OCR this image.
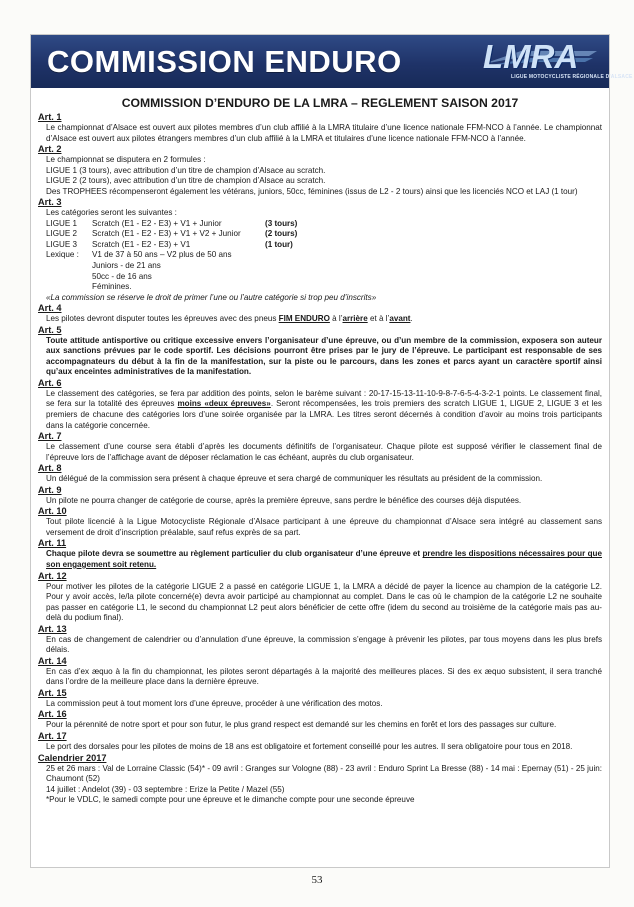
COMMISSION ENDURO LMRA
LIGUE MOTOCYCLISTE RÉGIONALE D'ALSACE
COMMISSION D’ENDURO DE LA LMRA – REGLEMENT SAISON 2017
Art. 1
Le championnat d’Alsace est ouvert aux pilotes membres d’un club affilié à la LMRA titulaire d’une licence nationale FFM-NCO à l’année. Le championnat d’Alsace est ouvert aux pilotes étrangers membres d’un club affilié à la LMRA et titulaires d’une licence nationale FFM-NCO à l’année.
Art. 2
Le championnat se disputera en 2 formules :
LIGUE 1 (3 tours), avec attribution d’un titre de champion d’Alsace au scratch.
LIGUE 2 (2 tours), avec attribution d’un titre de champion d’Alsace au scratch.
Des TROPHEES récompenseront également les vétérans, juniors, 50cc, féminines (issus de L2 - 2 tours) ainsi que les licenciés NCO et LAJ (1 tour)
Art. 3
Les catégories seront les suivantes :
LIGUE 1	Scratch (E1 - E2 - E3) + V1 + Junior	(3 tours)
LIGUE 2	Scratch (E1 - E2 - E3) + V1 + V2 + Junior	(2 tours)
LIGUE 3	Scratch (E1 - E2 - E3) + V1	(1 tour)
Lexique :	V1 de 37 à 50 ans – V2 plus de 50 ans	
	Juniors - de 21 ans	
	50cc - de 16 ans	
	Féminines.	
«La commission se réserve le droit de primer l’une ou l’autre catégorie si trop peu d’inscrits»
Art. 4
Les pilotes devront disputer toutes les épreuves avec des pneus FIM ENDURO à l’arrière et à l’avant.
Art. 5
Toute attitude antisportive ou critique excessive envers l’organisateur d’une épreuve, ou d’un membre de la commission, exposera son auteur aux sanctions prévues par le code sportif. Les décisions pourront être prises par le jury de l’épreuve. Le participant est responsable de ses accompagnateurs du début à la fin de la manifestation, sur la piste ou le parcours, dans les zones et parcs ayant un caractère sportif ainsi qu’aux enceintes administratives de la manifestation.
Art. 6
Le classement des catégories, se fera par addition des points, selon le barème suivant : 20-17-15-13-11-10-9-8-7-6-5-4-3-2-1 points. Le classement final, se fera sur la totalité des épreuves moins «deux épreuves». Seront récompensées, les trois premiers des scratch LIGUE 1, LIGUE 2, LIGUE 3 et les premiers de chacune des catégories lors d’une soirée organisée par la LMRA. Les titres seront décernés à condition d’avoir au moins trois participants dans la catégorie concernée.
Art. 7
Le classement d’une course sera établi d’après les documents définitifs de l’organisateur. Chaque pilote est supposé vérifier le classement final de l’épreuve lors de l’affichage avant de déposer réclamation le cas échéant, auprès du club organisateur.
Art. 8
Un délégué de la commission sera présent à chaque épreuve et sera chargé de communiquer les résultats au président de la commission.
Art. 9
Un pilote ne pourra changer de catégorie de course, après la première épreuve, sans perdre le bénéfice des courses déjà disputées.
Art. 10
Tout pilote licencié à la Ligue Motocycliste Régionale d’Alsace participant à une épreuve du championnat d’Alsace sera intégré au classement sans versement de droit d’inscription préalable, sauf refus exprès de sa part.
Art. 11
Chaque pilote devra se soumettre au règlement particulier du club organisateur d’une épreuve et prendre les dispositions nécessaires pour que son engagement soit retenu.
Art. 12
Pour motiver les pilotes de la catégorie LIGUE 2 a passé en catégorie LIGUE 1, la LMRA a décidé de payer la licence au champion de la catégorie L2. Pour y avoir accès, le/la pilote concerné(e) devra avoir participé au championnat au complet. Dans le cas où le champion de la catégorie L2 ne souhaite pas passer en catégorie L1, le second du championnat L2 peut alors bénéficier de cette offre (idem du second au troisième de la catégorie mais pas au-delà du podium final).
Art. 13
En cas de changement de calendrier ou d’annulation d’une épreuve, la commission s’engage à prévenir les pilotes, par tous moyens dans les plus brefs délais.
Art. 14
En cas d’ex æquo à la fin du championnat, les pilotes seront départagés à la majorité des meilleures places. Si des ex æquo subsistent, il sera tranché dans l’ordre de la meilleure place dans la dernière épreuve.
Art. 15
La commission peut à tout moment lors d’une épreuve, procéder à une vérification des motos.
Art. 16
Pour la pérennité de notre sport et pour son futur, le plus grand respect est demandé sur les chemins en forêt et lors des passages sur culture.
Art. 17
Le port des dorsales pour les pilotes de moins de 18 ans est obligatoire et fortement conseillé pour les autres. Il sera obligatoire pour tous en 2018.
Calendrier 2017
25 et 26 mars : Val de Lorraine Classic (54)* - 09 avril : Granges sur Vologne (88) - 23 avril : Enduro Sprint La Bresse (88) - 14 mai : Epernay (51) - 25 juin: Chaumont (52)
14 juillet : Andelot (39) - 03 septembre : Erize la Petite / Mazel (55)
*Pour le VDLC, le samedi compte pour une épreuve et le dimanche compte pour une seconde épreuve
53
